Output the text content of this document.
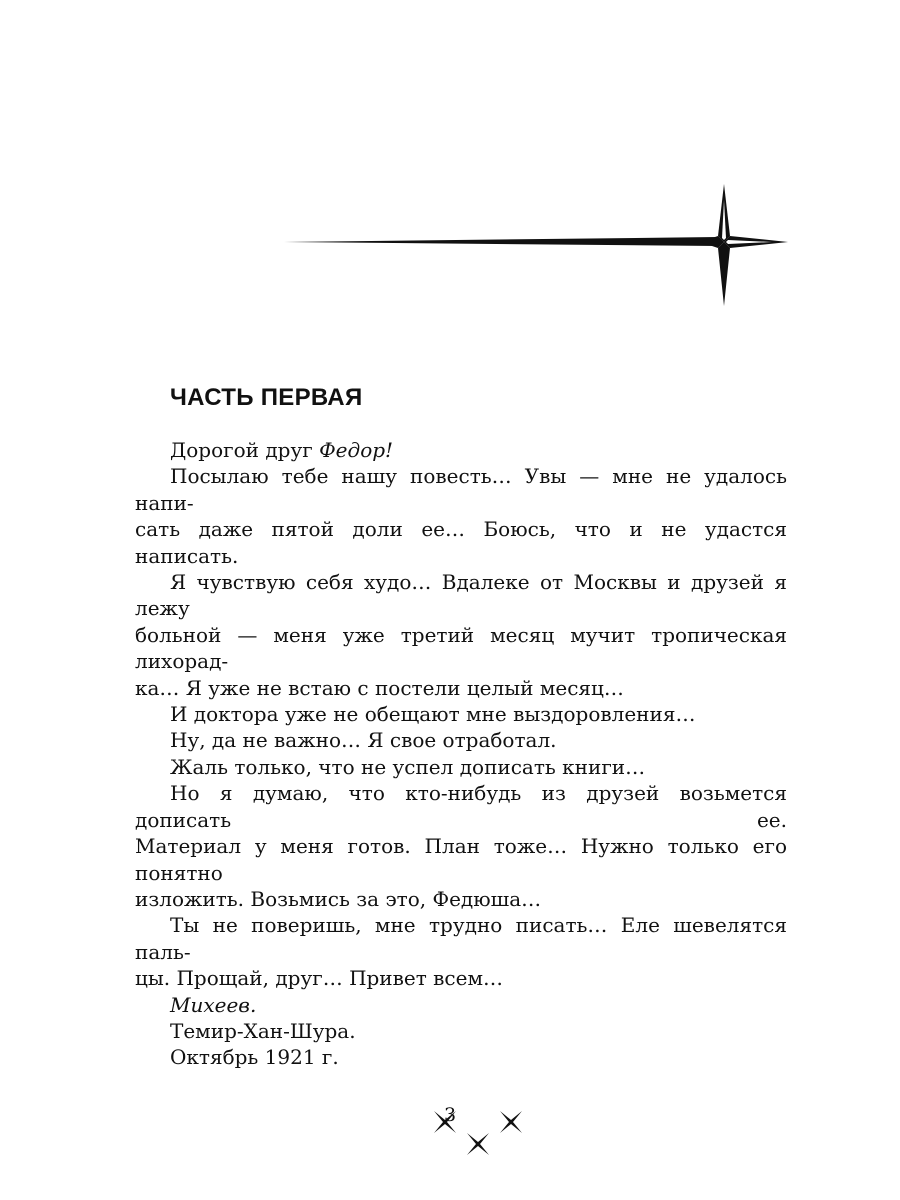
ЧАСТЬ ПЕРВАЯ

Дорогой друг Федор!

Посылаю тебе нашу повесть… Увы — мне не удалось напи-
сать даже пятой доли ее… Боюсь, что и не удастся написать.

Я чувствую себя худо… Вдалеке от Москвы и друзей я лежу
больной — меня уже третий месяц мучит тропическая лихорад-
ка… Я уже не встаю с постели целый месяц…

И доктора уже не обещают мне выздоровления…

Ну, да не важно… Я свое отработал.

Жаль только, что не успел дописать книги…

Но я думаю, что кто-нибудь из друзей возьмется дописать ее.
Материал у меня готов. План тоже… Нужно только его понятно
изложить. Возьмись за это, Федюша…

Ты не поверишь, мне трудно писать… Еле шевелятся паль-
цы. Прощай, друг… Привет всем…

Михеев.

Темир-Хан-Шура.

Октябрь 1921 г.

3
